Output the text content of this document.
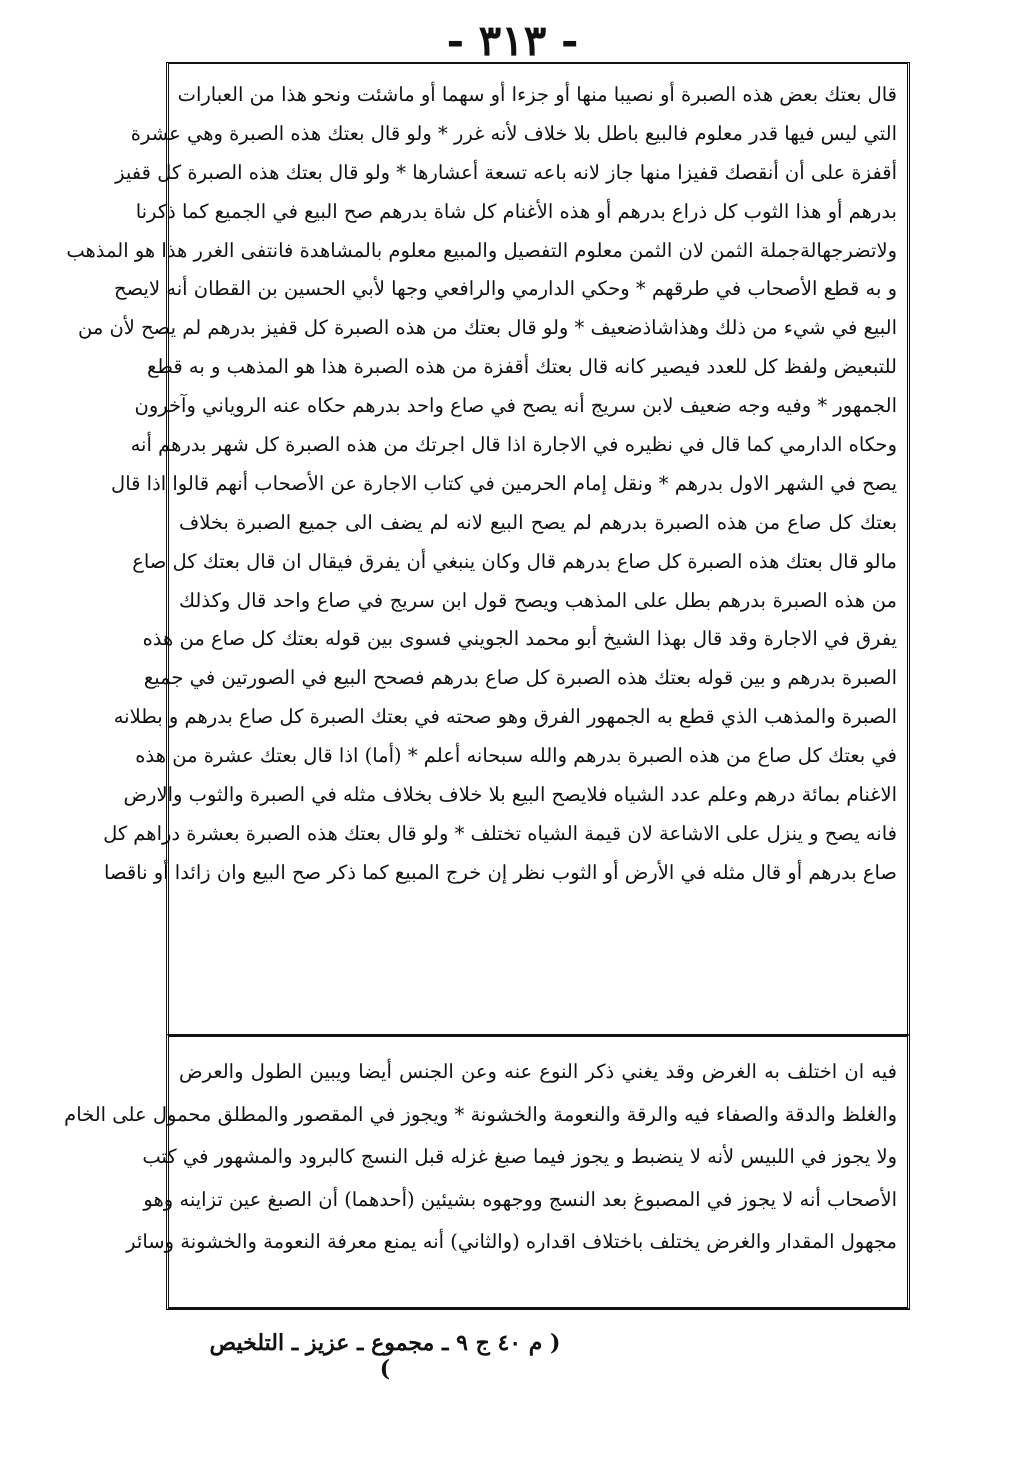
- ٣١٣ -
قال بعتك بعض هذه الصبرة أو نصيبا منها أو جزءا أو سهما أو ماشئت ونحو هذا من العبارات
التي ليس فيها قدر معلوم فالبيع باطل بلا خلاف لأنه غرر * ولو قال بعتك هذه الصبرة وهي عشرة
أقفزة على أن أنقصك قفيزا منها جاز لانه باعه تسعة أعشارها * ولو قال بعتك هذه الصبرة كل قفيز
بدرهم أو هذا الثوب كل ذراع بدرهم أو هذه الأغنام كل شاة بدرهم صح البيع في الجميع كما ذكرنا
ولاتضرجهالةجملة الثمن لان الثمن معلوم التفصيل والمبيع معلوم بالمشاهدة فانتفى الغرر هذا هو المذهب
و به قطع الأصحاب في طرقهم * وحكي الدارمي والرافعي وجها لأبي الحسين بن القطان أنه لايصح
البيع في شيء من ذلك وهذاشاذضعيف * ولو قال بعتك من هذه الصبرة كل قفيز بدرهم لم يصح لأن من
للتبعيض ولفظ كل للعدد فيصير كانه قال بعتك أقفزة من هذه الصبرة هذا هو المذهب و به قطع
الجمهور * وفيه وجه ضعيف لابن سريج أنه يصح في صاع واحد بدرهم حكاه عنه الروياني وآخرون
وحكاه الدارمي كما قال في نظيره في الاجارة اذا قال اجرتك من هذه الصبرة كل شهر بدرهم أنه
يصح في الشهر الاول بدرهم * ونقل إمام الحرمين في كتاب الاجارة عن الأصحاب أنهم قالوا اذا قال
بعتك كل صاع من هذه الصبرة بدرهم لم يصح البيع لانه لم يضف الى جميع الصبرة بخلاف
مالو قال بعتك هذه الصبرة كل صاع بدرهم قال وكان ينبغي أن يفرق فيقال ان قال بعتك كل صاع
من هذه الصبرة بدرهم بطل على المذهب ويصح قول ابن سريج في صاع واحد قال وكذلك
يفرق في الاجارة وقد قال بهذا الشيخ أبو محمد الجويني فسوى بين قوله بعتك كل صاع من هذه
الصبرة بدرهم و بين قوله بعتك هذه الصبرة كل صاع بدرهم فصحح البيع في الصورتين في جميع
الصبرة والمذهب الذي قطع به الجمهور الفرق وهو صحته في بعتك الصبرة كل صاع بدرهم و بطلانه
في بعتك كل صاع من هذه الصبرة بدرهم والله سبحانه أعلم * (أما) اذا قال بعتك عشرة من هذه
الاغنام بمائة درهم وعلم عدد الشياه فلايصح البيع بلا خلاف بخلاف مثله في الصبرة والثوب والارض
فانه يصح و ينزل على الاشاعة لان قيمة الشياه تختلف * ولو قال بعتك هذه الصبرة بعشرة دراهم كل
صاع بدرهم أو قال مثله في الأرض أو الثوب نظر إن خرج المبيع كما ذكر صح البيع وان زائدا أو ناقصا
فيه ان اختلف به الغرض وقد يغني ذكر النوع عنه وعن الجنس أيضا ويبين الطول والعرض
والغلظ والدقة والصفاء فيه والرقة والنعومة والخشونة * ويجوز في المقصور والمطلق محمول على الخام
ولا يجوز في اللبيس لأنه لا ينضبط و يجوز فيما صبغ غزله قبل النسج كالبرود والمشهور في كتب
الأصحاب أنه لا يجوز في المصبوغ بعد النسج ووجهوه بشيئين (أحدهما) أن الصبغ عين تزاينه وهو
مجهول المقدار والغرض يختلف باختلاف اقداره (والثاني) أنه يمنع معرفة النعومة والخشونة وسائر
( م ٤٠ ج ٩ ـ مجموع ـ عزيز ـ التلخيص )
